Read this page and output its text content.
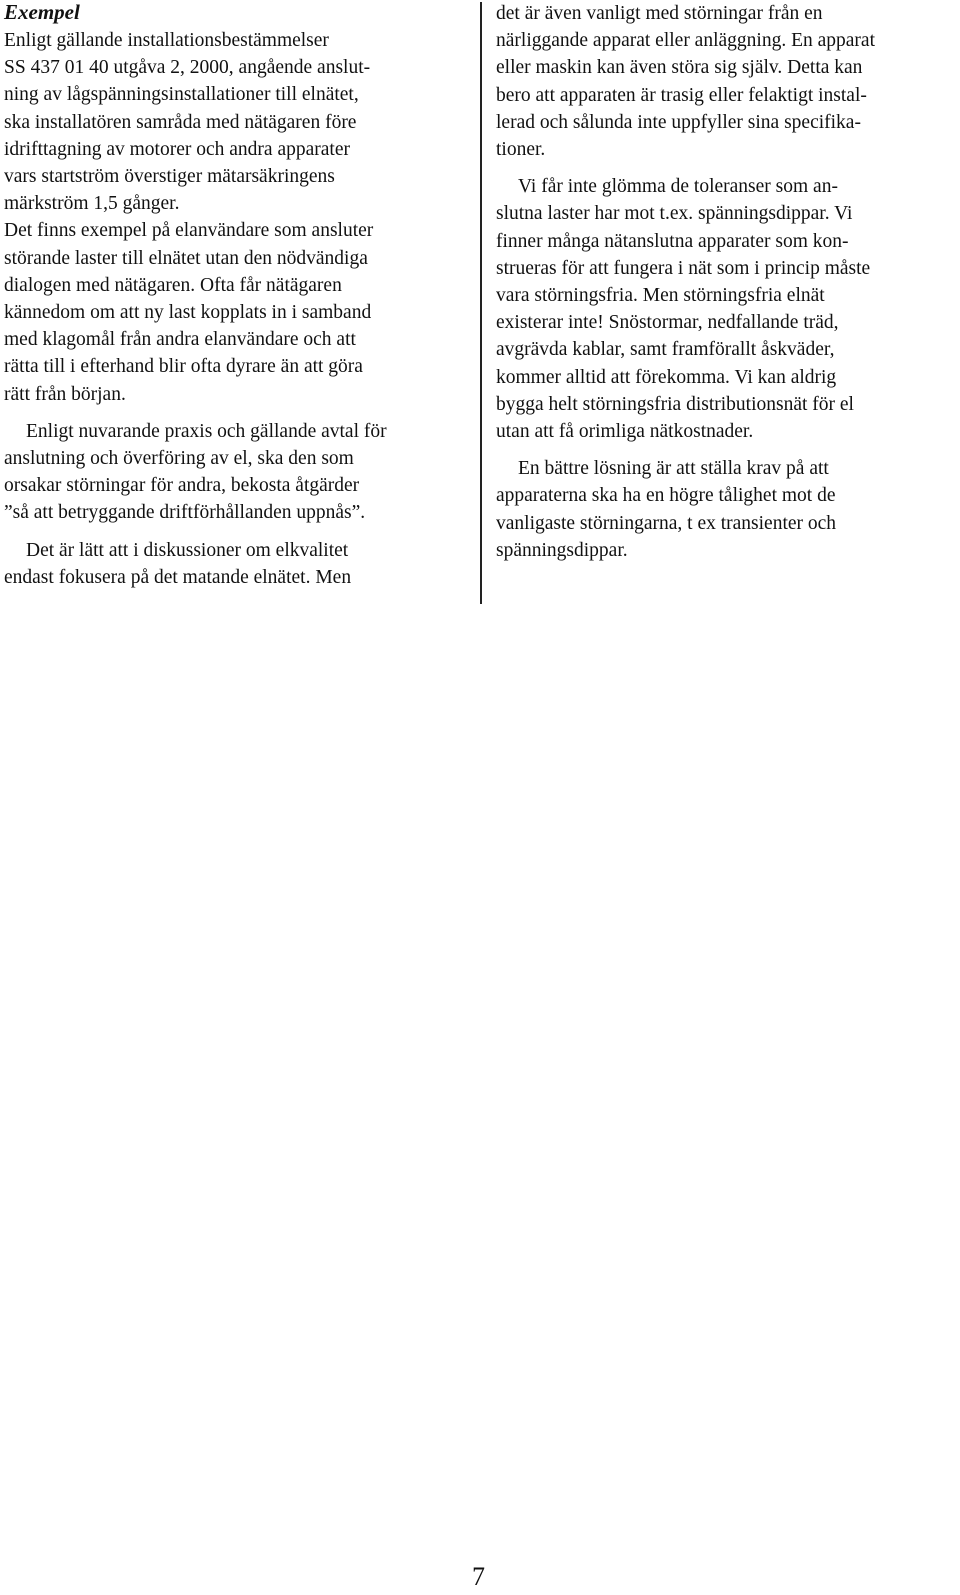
Exempel
Enligt gällande installationsbestämmelser
SS 437 01 40 utgåva 2, 2000, angående anslut-
ning av lågspänningsinstallationer till elnätet,
ska installatören samråda med nätägaren före
idrifttagning av motorer och andra apparater
vars startström överstiger mätarsäkringens
märkström 1,5 gånger.
Det finns exempel på elanvändare som ansluter
störande laster till elnätet utan den nödvändiga
dialogen med nätägaren. Ofta får nätägaren
kännedom om att ny last kopplats in i samband
med klagomål från andra elanvändare och att
rätta till i efterhand blir ofta dyrare än att göra
rätt från början.
Enligt nuvarande praxis och gällande avtal för
anslutning och överföring av el, ska den som
orsakar störningar för andra, bekosta åtgärder
”så att betryggande driftförhållanden uppnås”.
Det är lätt att i diskussioner om elkvalitet
endast fokusera på det matande elnätet. Men
det är även vanligt med störningar från en
närliggande apparat eller anläggning. En apparat
eller maskin kan även störa sig själv. Detta kan
bero att apparaten är trasig eller felaktigt instal-
lerad och sålunda inte uppfyller sina specifika-
tioner.
Vi får inte glömma de toleranser som an-
slutna laster har mot t.ex. spänningsdippar. Vi
finner många nätanslutna apparater som kon-
strueras för att fungera i nät som i princip måste
vara störningsfria. Men störningsfria elnät
existerar inte! Snöstormar, nedfallande träd,
avgrävda kablar, samt framförallt åskväder,
kommer alltid att förekomma. Vi kan aldrig
bygga helt störningsfria distributionsnät för el
utan att få orimliga nätkostnader.
En bättre lösning är att ställa krav på att
apparaterna ska ha en högre tålighet mot de
vanligaste störningarna, t ex transienter och
spänningsdippar.
7
